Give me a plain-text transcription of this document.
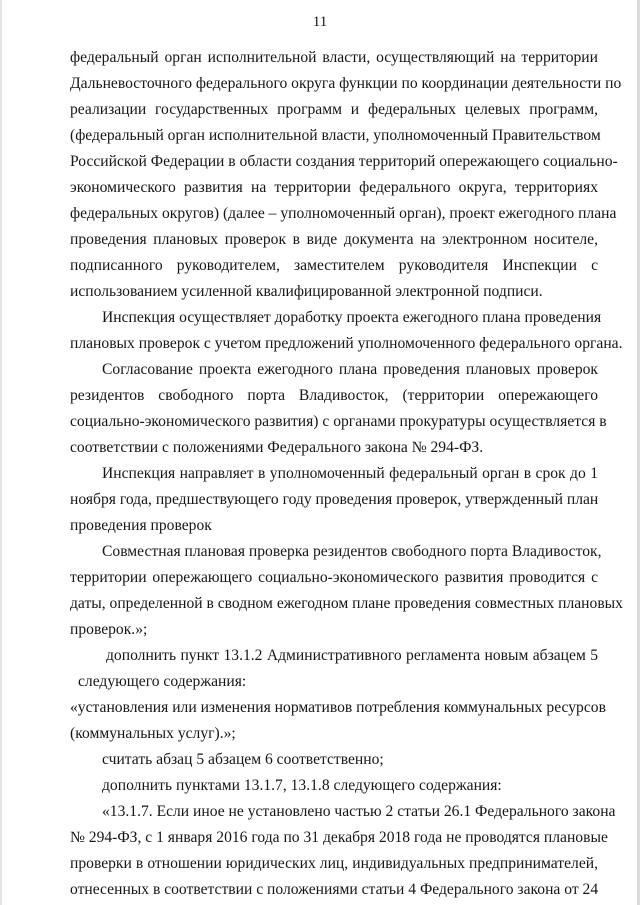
11
федеральный орган исполнительной власти, осуществляющий на территории
Дальневосточного федерального округа функции по координации деятельности по
реализации государственных программ и федеральных целевых программ,
(федеральный орган исполнительной власти, уполномоченный Правительством
Российской Федерации в области создания территорий опережающего социально-
экономического развития на территории федерального округа, территориях
федеральных округов) (далее – уполномоченный орган), проект ежегодного плана
проведения плановых проверок в виде документа на электронном носителе,
подписанного руководителем, заместителем руководителя Инспекции с
использованием усиленной квалифицированной электронной подписи.
Инспекция осуществляет доработку проекта ежегодного плана проведения
плановых проверок с учетом предложений уполномоченного федерального органа.
Согласование проекта ежегодного плана проведения плановых проверок
резидентов свободного порта Владивосток, (территории опережающего
социально-экономического развития) с органами прокуратуры осуществляется в
соответствии с положениями Федерального закона № 294-ФЗ.
Инспекция направляет в уполномоченный федеральный орган в срок до 1
ноября года, предшествующего году проведения проверок, утвержденный план
проведения проверок
Совместная плановая проверка резидентов свободного порта Владивосток,
территории опережающего социально-экономического развития проводится с
даты, определенной в сводном ежегодном плане проведения совместных плановых
проверок.»;
дополнить пункт 13.1.2 Административного регламента новым абзацем 5
следующего содержания:
«установления или изменения нормативов потребления коммунальных ресурсов
(коммунальных услуг).»;
считать абзац 5 абзацем 6 соответственно;
дополнить пунктами 13.1.7, 13.1.8 следующего содержания:
«13.1.7. Если иное не установлено частью 2 статьи 26.1 Федерального закона
№ 294-ФЗ, с 1 января 2016 года по 31 декабря 2018 года не проводятся плановые
проверки в отношении юридических лиц, индивидуальных предпринимателей,
отнесенных в соответствии с положениями статьи 4 Федерального закона от 24
